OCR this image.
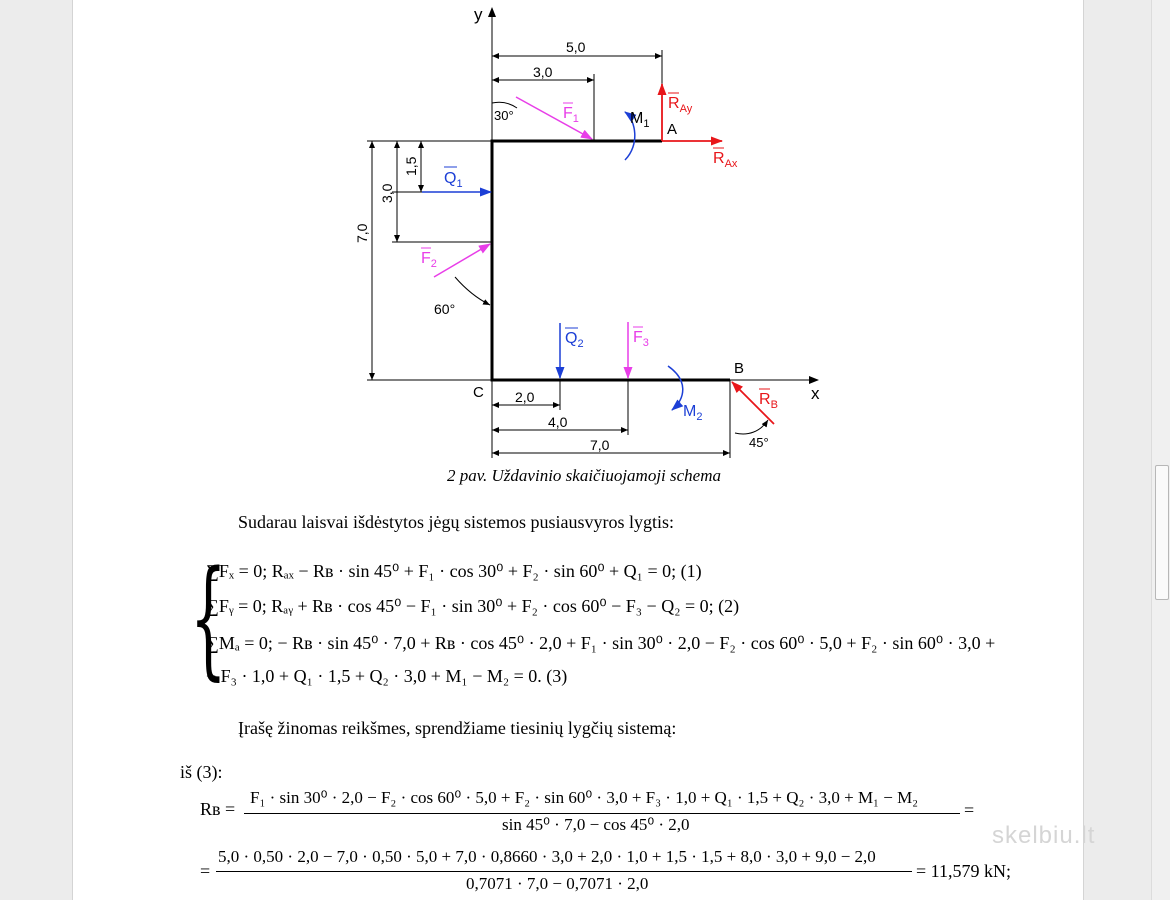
y
x
5,0
3,0
1,5
3,0
7,0
2,0
4,0
7,0
A
B
C
30°	$F_1$	$M_1$
$R_{Ay}$
$R_{Ax}$
$Q_1$
$F_2$
60°
$Q_2$	$F_3$
$M_2$
$R_B$
45°
2 pav. Uždavinio skaičiuojamoji schema
Sudarau laisvai išdėstytos jėgų sistemos pusiausvyros lygtis:
{
∑Fₓ = 0; Rₐₓ − Rʙ · sin 45⁰ + F₁ · cos 30⁰ + F₂ · sin 60⁰ + Q₁ = 0; (1)
∑Fᵧ = 0; Rₐᵧ + Rʙ · cos 45⁰ − F₁ · sin 30⁰ + F₂ · cos 60⁰ − F₃ − Q₂ = 0; (2)
∑Mₐ = 0; − Rʙ · sin 45⁰ · 7,0 + Rʙ · cos 45⁰ · 2,0 + F₁ · sin 30⁰ · 2,0 − F₂ · cos 60⁰ · 5,0 + F₂ · sin 60⁰ · 3,0 +
+ F₃ · 1,0 + Q₁ · 1,5 + Q₂ · 3,0 + M₁ − M₂ = 0. (3)
Įrašę žinomas reikšmes, sprendžiame tiesinių lygčių sistemą:
iš (3):
Rʙ =
F₁ · sin 30⁰ · 2,0 − F₂ · cos 60⁰ · 5,0 + F₂ · sin 60⁰ · 3,0 + F₃ · 1,0 + Q₁ · 1,5 + Q₂ · 3,0 + M₁ − M₂
sin 45⁰ · 7,0 − cos 45⁰ · 2,0
=
=
5,0 · 0,50 · 2,0 − 7,0 · 0,50 · 5,0 + 7,0 · 0,8660 · 3,0 + 2,0 · 1,0 + 1,5 · 1,5 + 8,0 · 3,0 + 9,0 − 2,0
0,7071 · 7,0 − 0,7071 · 2,0
= 11,579 kN;
skelbiu.lt
